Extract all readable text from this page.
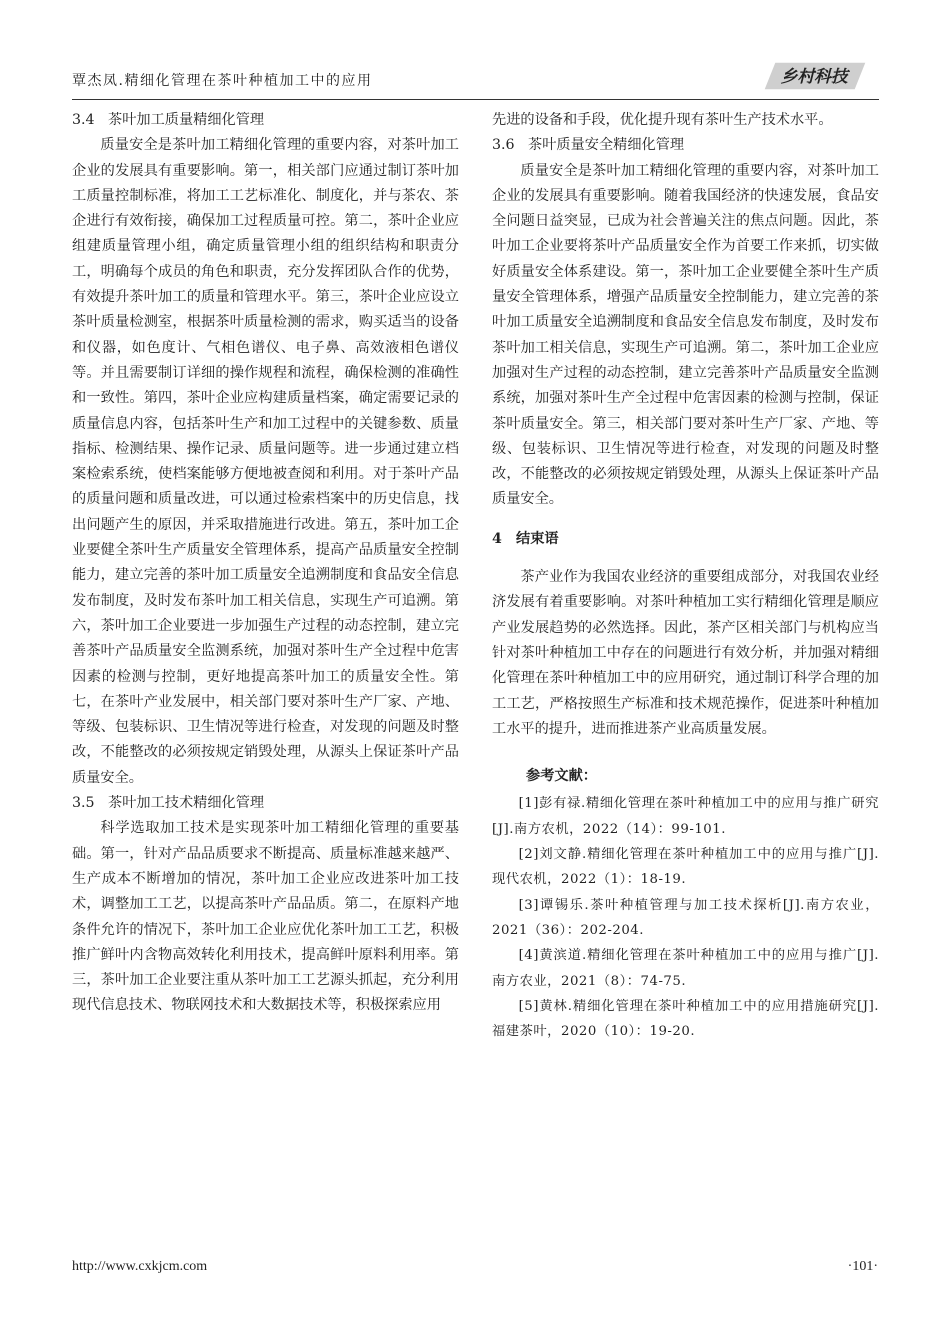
覃杰凤.精细化管理在茶叶种植加工中的应用	乡村科技
3.4 茶叶加工质量精细化管理

质量安全是茶叶加工精细化管理的重要内容，对茶叶加工企业的发展具有重要影响。第一，相关部门应通过制订茶叶加工质量控制标准，将加工工艺标准化、制度化，并与茶农、茶企进行有效衔接，确保加工过程质量可控。第二，茶叶企业应组建质量管理小组，确定质量管理小组的组织结构和职责分工，明确每个成员的角色和职责，充分发挥团队合作的优势，有效提升茶叶加工的质量和管理水平。第三，茶叶企业应设立茶叶质量检测室，根据茶叶质量检测的需求，购买适当的设备和仪器，如色度计、气相色谱仪、电子鼻、高效液相色谱仪等。并且需要制订详细的操作规程和流程，确保检测的准确性和一致性。第四，茶叶企业应构建质量档案，确定需要记录的质量信息内容，包括茶叶生产和加工过程中的关键参数、质量指标、检测结果、操作记录、质量问题等。进一步通过建立档案检索系统，使档案能够方便地被查阅和利用。对于茶叶产品的质量问题和质量改进，可以通过检索档案中的历史信息，找出问题产生的原因，并采取措施进行改进。第五，茶叶加工企业要健全茶叶生产质量安全管理体系，提高产品质量安全控制能力，建立完善的茶叶加工质量安全追溯制度和食品安全信息发布制度，及时发布茶叶加工相关信息，实现生产可追溯。第六，茶叶加工企业要进一步加强生产过程的动态控制，建立完善茶叶产品质量安全监测系统，加强对茶叶生产全过程中危害因素的检测与控制，更好地提高茶叶加工的质量安全性。第七，在茶叶产业发展中，相关部门要对茶叶生产厂家、产地、等级、包装标识、卫生情况等进行检查，对发现的问题及时整改，不能整改的必须按规定销毁处理，从源头上保证茶叶产品质量安全。

3.5 茶叶加工技术精细化管理

科学选取加工技术是实现茶叶加工精细化管理的重要基础。第一，针对产品品质要求不断提高、质量标准越来越严、生产成本不断增加的情况，茶叶加工企业应改进茶叶加工技术，调整加工工艺，以提高茶叶产品品质。第二，在原料产地条件允许的情况下，茶叶加工企业应优化茶叶加工工艺，积极推广鲜叶内含物高效转化利用技术，提高鲜叶原料利用率。第三，茶叶加工企业要注重从茶叶加工工艺源头抓起，充分利用现代信息技术、物联网技术和大数据技术等，积极探索应用

先进的设备和手段，优化提升现有茶叶生产技术水平。

3.6 茶叶质量安全精细化管理

质量安全是茶叶加工精细化管理的重要内容，对茶叶加工企业的发展具有重要影响。随着我国经济的快速发展，食品安全问题日益突显，已成为社会普遍关注的焦点问题。因此，茶叶加工企业要将茶叶产品质量安全作为首要工作来抓，切实做好质量安全体系建设。第一，茶叶加工企业要健全茶叶生产质量安全管理体系，增强产品质量安全控制能力，建立完善的茶叶加工质量安全追溯制度和食品安全信息发布制度，及时发布茶叶加工相关信息，实现生产可追溯。第二，茶叶加工企业应加强对生产过程的动态控制，建立完善茶叶产品质量安全监测系统，加强对茶叶生产全过程中危害因素的检测与控制，保证茶叶质量安全。第三，相关部门要对茶叶生产厂家、产地、等级、包装标识、卫生情况等进行检查，对发现的问题及时整改，不能整改的必须按规定销毁处理，从源头上保证茶叶产品质量安全。

4 结束语

茶产业作为我国农业经济的重要组成部分，对我国农业经济发展有着重要影响。对茶叶种植加工实行精细化管理是顺应产业发展趋势的必然选择。因此，茶产区相关部门与机构应当针对茶叶种植加工中存在的问题进行有效分析，并加强对精细化管理在茶叶种植加工中的应用研究，通过制订科学合理的加工工艺，严格按照生产标准和技术规范操作，促进茶叶种植加工水平的提升，进而推进茶产业高质量发展。

参考文献：

[1]彭有禄.精细化管理在茶叶种植加工中的应用与推广研究[J].南方农机，2022（14）：99-101.

[2]刘文静.精细化管理在茶叶种植加工中的应用与推广[J].现代农机，2022（1）：18-19.

[3]谭锡乐.茶叶种植管理与加工技术探析[J].南方农业，2021（36）：202-204.

[4]黄滨道.精细化管理在茶叶种植加工中的应用与推广[J].南方农业，2021（8）：74-75.

[5]黄林.精细化管理在茶叶种植加工中的应用措施研究[J].福建茶叶，2020（10）：19-20.

http://www.cxkjcm.com	·101·
